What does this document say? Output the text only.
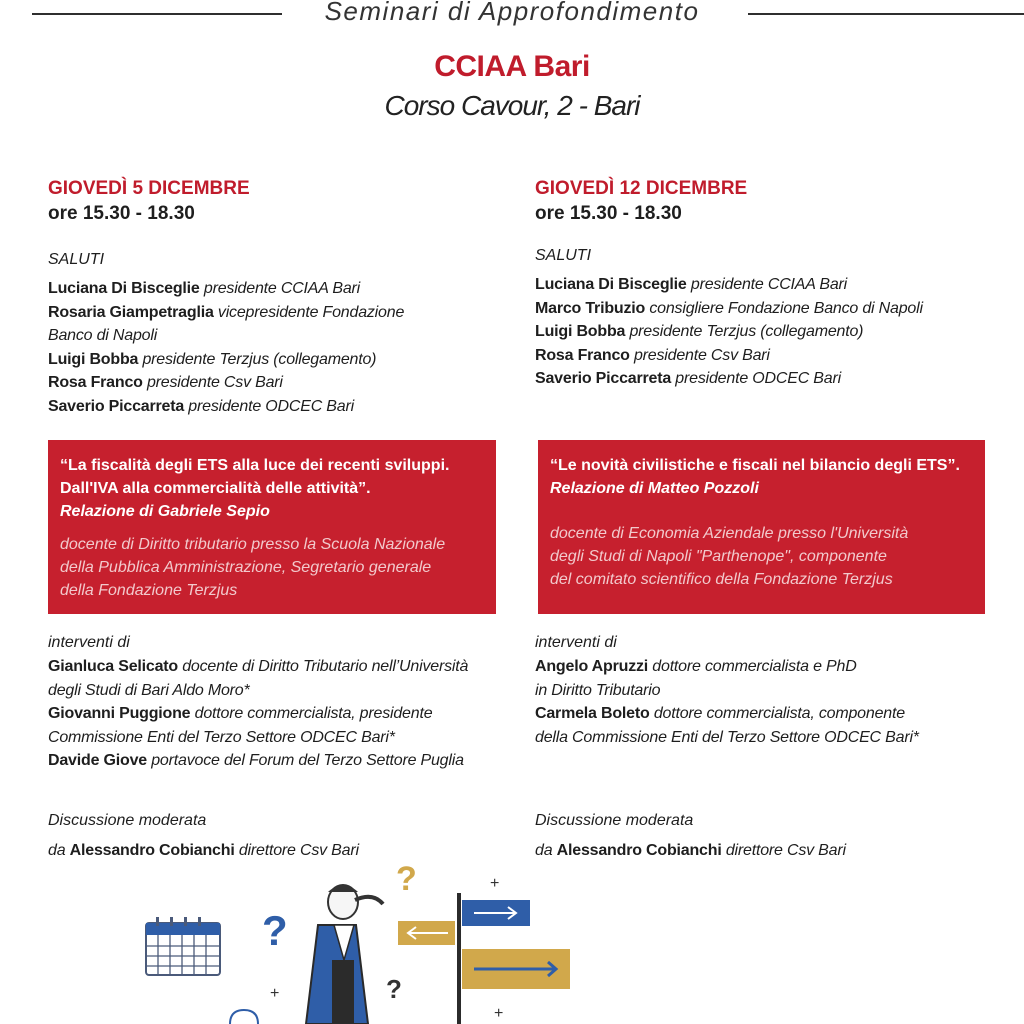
Seminari di Approfondimento
CCIAA Bari
Corso Cavour, 2 - Bari
GIOVEDÌ 5 DICEMBRE
ore 15.30 - 18.30
SALUTI
Luciana Di Bisceglie presidente CCIAA Bari
Rosaria Giampetraglia vicepresidente Fondazione
Banco di Napoli
Luigi Bobba presidente Terzjus (collegamento)
Rosa Franco presidente Csv Bari
Saverio Piccarreta presidente ODCEC Bari
“La fiscalità degli ETS alla luce dei recenti sviluppi.
Dall'IVA alla commercialità delle attività”.
Relazione di Gabriele Sepio
docente di Diritto tributario presso la Scuola Nazionale
della Pubblica Amministrazione, Segretario generale
della Fondazione Terzjus
interventi di
Gianluca Selicato docente di Diritto Tributario nell’Università
degli Studi di Bari Aldo Moro*
Giovanni Puggione dottore commercialista, presidente
Commissione Enti del Terzo Settore ODCEC Bari*
Davide Giove portavoce del Forum del Terzo Settore Puglia
Discussione moderata
da Alessandro Cobianchi direttore Csv Bari
GIOVEDÌ 12 DICEMBRE
ore 15.30 - 18.30
SALUTI
Luciana Di Bisceglie presidente CCIAA Bari
Marco Tribuzio consigliere Fondazione Banco di Napoli
Luigi Bobba presidente Terzjus (collegamento)
Rosa Franco presidente Csv Bari
Saverio Piccarreta presidente ODCEC Bari
“Le novità civilistiche e fiscali nel bilancio degli ETS”.
Relazione di Matteo Pozzoli
docente di Economia Aziendale presso l'Università
degli Studi di Napoli "Parthenope", componente
del comitato scientifico della Fondazione Terzjus
interventi di
Angelo Apruzzi dottore commercialista e PhD
in Diritto Tributario
Carmela Boleto dottore commercialista, componente
della Commissione Enti del Terzo Settore ODCEC Bari*
Discussione moderata
da Alessandro Cobianchi direttore Csv Bari
?
?
?
+
+
+
